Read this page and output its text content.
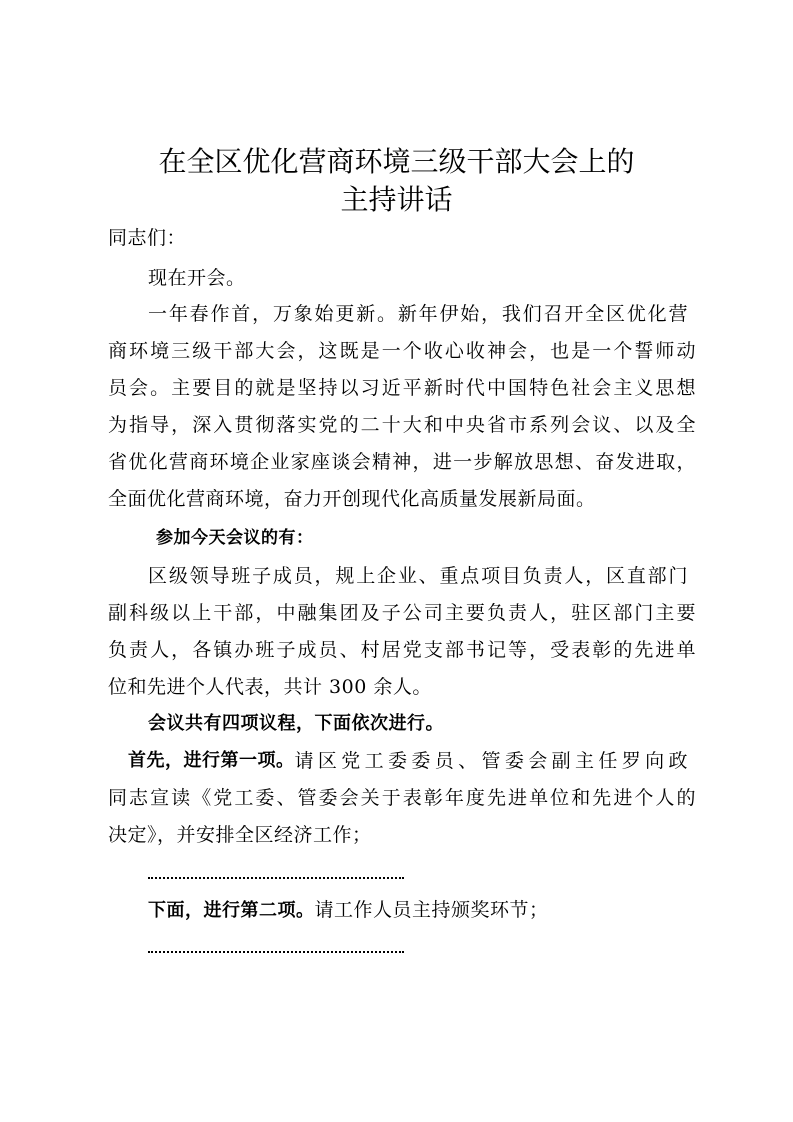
在全区优化营商环境三级干部大会上的
主持讲话
同志们：
现在开会。
一年春作首，万象始更新。新年伊始，我们召开全区优化营
商环境三级干部大会，这既是一个收心收神会，也是一个誓师动
员会。主要目的就是坚持以习近平新时代中国特色社会主义思想
为指导，深入贯彻落实党的二十大和中央省市系列会议、以及全
省优化营商环境企业家座谈会精神，进一步解放思想、奋发进取，
全面优化营商环境，奋力开创现代化高质量发展新局面。
参加今天会议的有：
区级领导班子成员，规上企业、重点项目负责人，区直部门
副科级以上干部，中融集团及子公司主要负责人，驻区部门主要
负责人，各镇办班子成员、村居党支部书记等，受表彰的先进单
位和先进个人代表，共计 300 余人。
会议共有四项议程，下面依次进行。
首先，进行第一项。 请区党工委委员、管委会副主任罗向政
同志宣读《党工委、管委会关于表彰年度先进单位和先进个人的
决定》，并安排全区经济工作；
下面，进行第二项。请工作人员主持颁奖环节；
